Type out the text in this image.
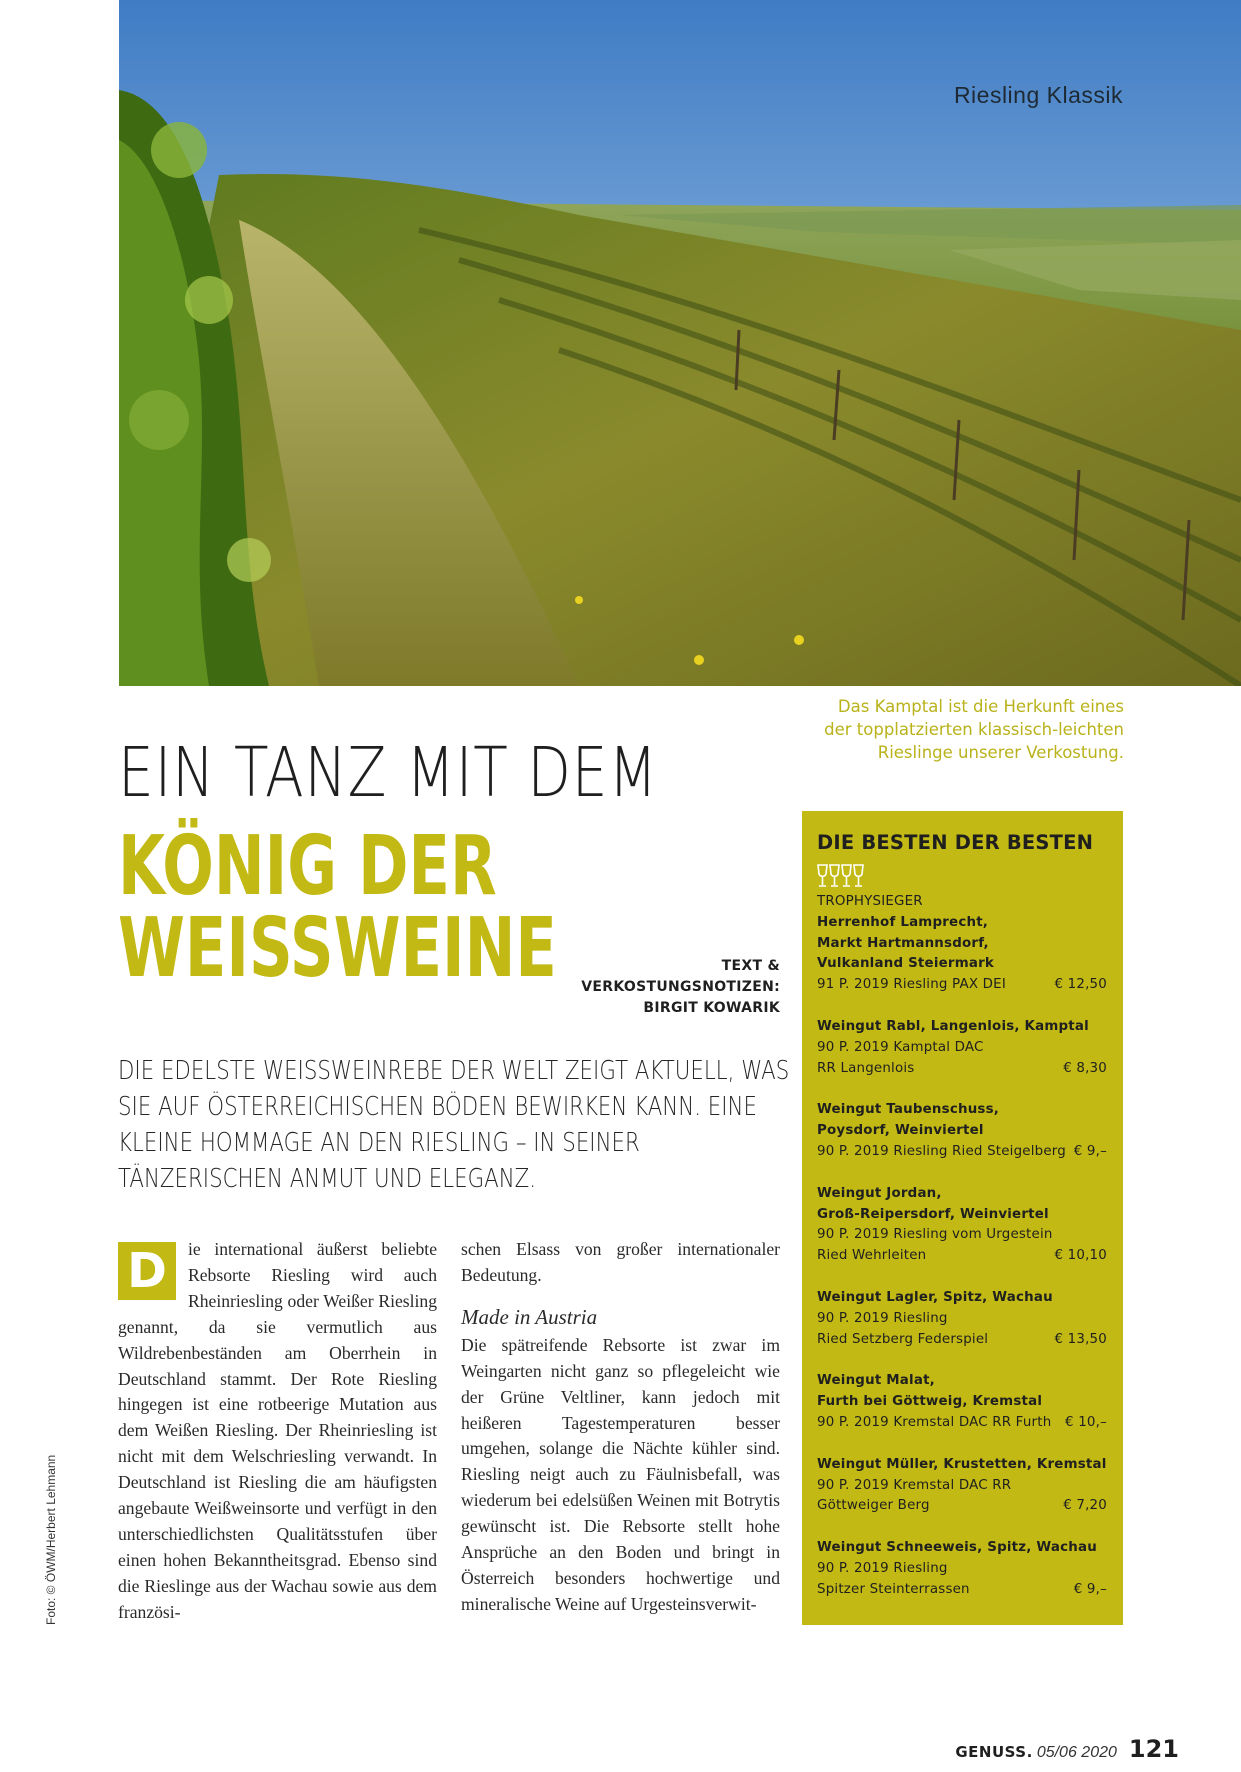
Riesling Klassik
Das Kamptal ist die Herkunft eines der topplatzierten klassisch-leichten Rieslinge unserer Verkostung.
EIN TANZ MIT DEM
KÖNIG DER
WEISSWEINE	TEXT &
VERKOSTUNGSNOTIZEN:
BIRGIT KOWARIK
DIE EDELSTE WEISSWEINREBE DER WELT ZEIGT AKTUELL, WAS SIE AUF ÖSTERREICHISCHEN BÖDEN BEWIRKEN KANN. EINE KLEINE HOMMAGE AN DEN RIESLING – IN SEINER TÄNZERISCHEN ANMUT UND ELEGANZ.
D	ie international äußerst beliebte Rebsorte Riesling wird auch Rheinriesling oder Weißer Riesling genannt, da sie vermutlich aus Wildrebenbeständen am Oberrhein in Deutschland stammt. Der Rote Riesling hingegen ist eine rotbeerige Mutation aus dem Weißen Riesling. Der Rheinriesling ist nicht mit dem Welschriesling verwandt. In Deutschland ist Riesling die am häufigsten angebaute Weißweinsorte und verfügt in den unterschiedlichsten Qualitätsstufen über einen hohen Bekanntheitsgrad. Ebenso sind die Rieslinge aus der Wachau sowie aus dem französi-
schen Elsass von großer internationaler Bedeutung.
Made in Austria
Die spätreifende Rebsorte ist zwar im Weingarten nicht ganz so pflegeleicht wie der Grüne Veltliner, kann jedoch mit heißeren Tagestemperaturen besser umgehen, solange die Nächte kühler sind. Riesling neigt auch zu Fäulnisbefall, was wiederum bei edelsüßen Weinen mit Botrytis gewünscht ist. Die Rebsorte stellt hohe Ansprüche an den Boden und bringt in Österreich besonders hochwertige und mineralische Weine auf Urgesteinsverwit-
DIE BESTEN DER BESTEN
TROPHYSIEGER
Herrenhof Lamprecht,
Markt Hartmannsdorf,
Vulkanland Steiermark
91 P. 2019 Riesling PAX DEI	€ 12,50
Weingut Rabl, Langenlois, Kamptal
90 P. 2019 Kamptal DAC
RR Langenlois	€ 8,30
Weingut Taubenschuss,
Poysdorf, Weinviertel
90 P. 2019 Riesling Ried Steigelberg € 9,–
Weingut Jordan,
Groß-Reipersdorf, Weinviertel
90 P. 2019 Riesling vom Urgestein
Ried Wehrleiten	€ 10,10
Weingut Lagler, Spitz, Wachau
90 P. 2019 Riesling
Ried Setzberg Federspiel	€ 13,50
Weingut Malat,
Furth bei Göttweig, Kremstal
90 P. 2019 Kremstal DAC RR Furth € 10,–
Weingut Müller, Krustetten, Kremstal
90 P. 2019 Kremstal DAC RR
Göttweiger Berg	€ 7,20
Weingut Schneeweis, Spitz, Wachau
90 P. 2019 Riesling
Spitzer Steinterrassen	€ 9,–
Foto: © ÖWM/Herbert Lehmann
GENUSS. 05/06 2020 121
